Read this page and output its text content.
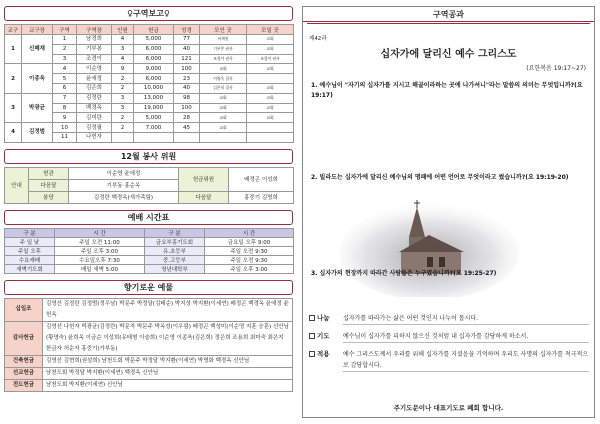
♀구역보고♀
교구	교구장	구역	구역장	인원	헌금	성경	모인 곳	모일 곳
1	신혜재	1	남경희	4	5,000	77	씨제권	교회
		2	기부봉	3	6,000	40	기부봉 권사	교회
		3	조경이	4	6,000	121	조경이 권사	조경이 권사
2	이종욱	4	이순영	9	9,000	100	교회	교회
		5	윤애정	2	6,000	23	이명옥 집사	
		6	김은희	2	10,000	40	김은희 집사	교회
3	박광균	7	김정란	3	13,000	98	교회	교회
		8	백경옥	3	19,000	100	교회	교회
		9	김미란	2	5,000	28	교회	교회
4	김정범	10	김정필	2	7,000	45	교회	
		11	나헌자					
12월 봉사 위원
안내	헌관	이순영 윤애정	헌금위원	배정곤 이성희
	다음달	기부동 홍순옥		
	봉당	김정란 백경옥(새가족팀)	다음달	홍중기 김명희
예배 시간표
구 분	시 간	구 분	시 간
주 일 낮	주일 오전 11:00	금요부흥기도회	금요일 오후 9:00
주일 오후	주일 오후 3:00	유.초등부	주일 오전 9:30
수요예배	수요일오후 7:30	중.고등부	주일 오전 9:30
새벽기도회	매일 새벽 5:00	청년대학부	주일 오후 3:00
향기로운 예물
십일조	김영선 김정란 김정범(정우남) 박문주 박정달(김태순) 박지성 박지환(이세연) 배정곤 백경옥 윤애정 윤헌옥
감사헌금	김영선 나헌자 박광균(김정란) 박문자 박문주 박옥성(이우림) 배정곤 백성미(이순영 지훈 승훈) 신안님(황영숙) 윤희옥 이금순 이성희(유태형 이슬희) 이순영 이종욱(김은희) 정은희 조용희 최미숙 최은지 한금자 허순자 홍중기(가부동)
건축헌금	김영선 김현희(권삼희) 남천도회 박문주 박정달 박지환(이세연) 박명화 백경옥 신안님
선교헌금	남천도회 박정달 박지환(이세연) 백경옥 신안님
전도헌금	남천도회 박지환(이세연) 신안님
구역공과
제42과
십자가에 달리신 예수 그리스도
(요한복음 19:17~27)
1. 예수님이 "자기의 십자가를 지시고 해골이라하는 곳에 나가셔니"라는 말씀의 의미는 무엇입니까?(요 19:17)
2. 빌라도는 십자가에 달리신 예수님의 명패에 어떤 언어로 무엇이라고 썼습니까?(요 19:19-20)
3. 십자가의 현장까지 따라간 사람들은 누구였습니까?(요 19:25-27)
나눔 십자가를 따라가는 삶은 어떤 것인지 나누어 봅시다.
기도 예수님이 십자가를 피하지 않으신 것처럼 내 십자가를 감당하게 하소서.
적용 예수 그리스도께서 우리를 위해 십자가를 지셨음을 기억하며 우리도 사명의 십자가를 적극적으로 감당합시다.
주기도문이나 대표기도로 폐회 합니다.
